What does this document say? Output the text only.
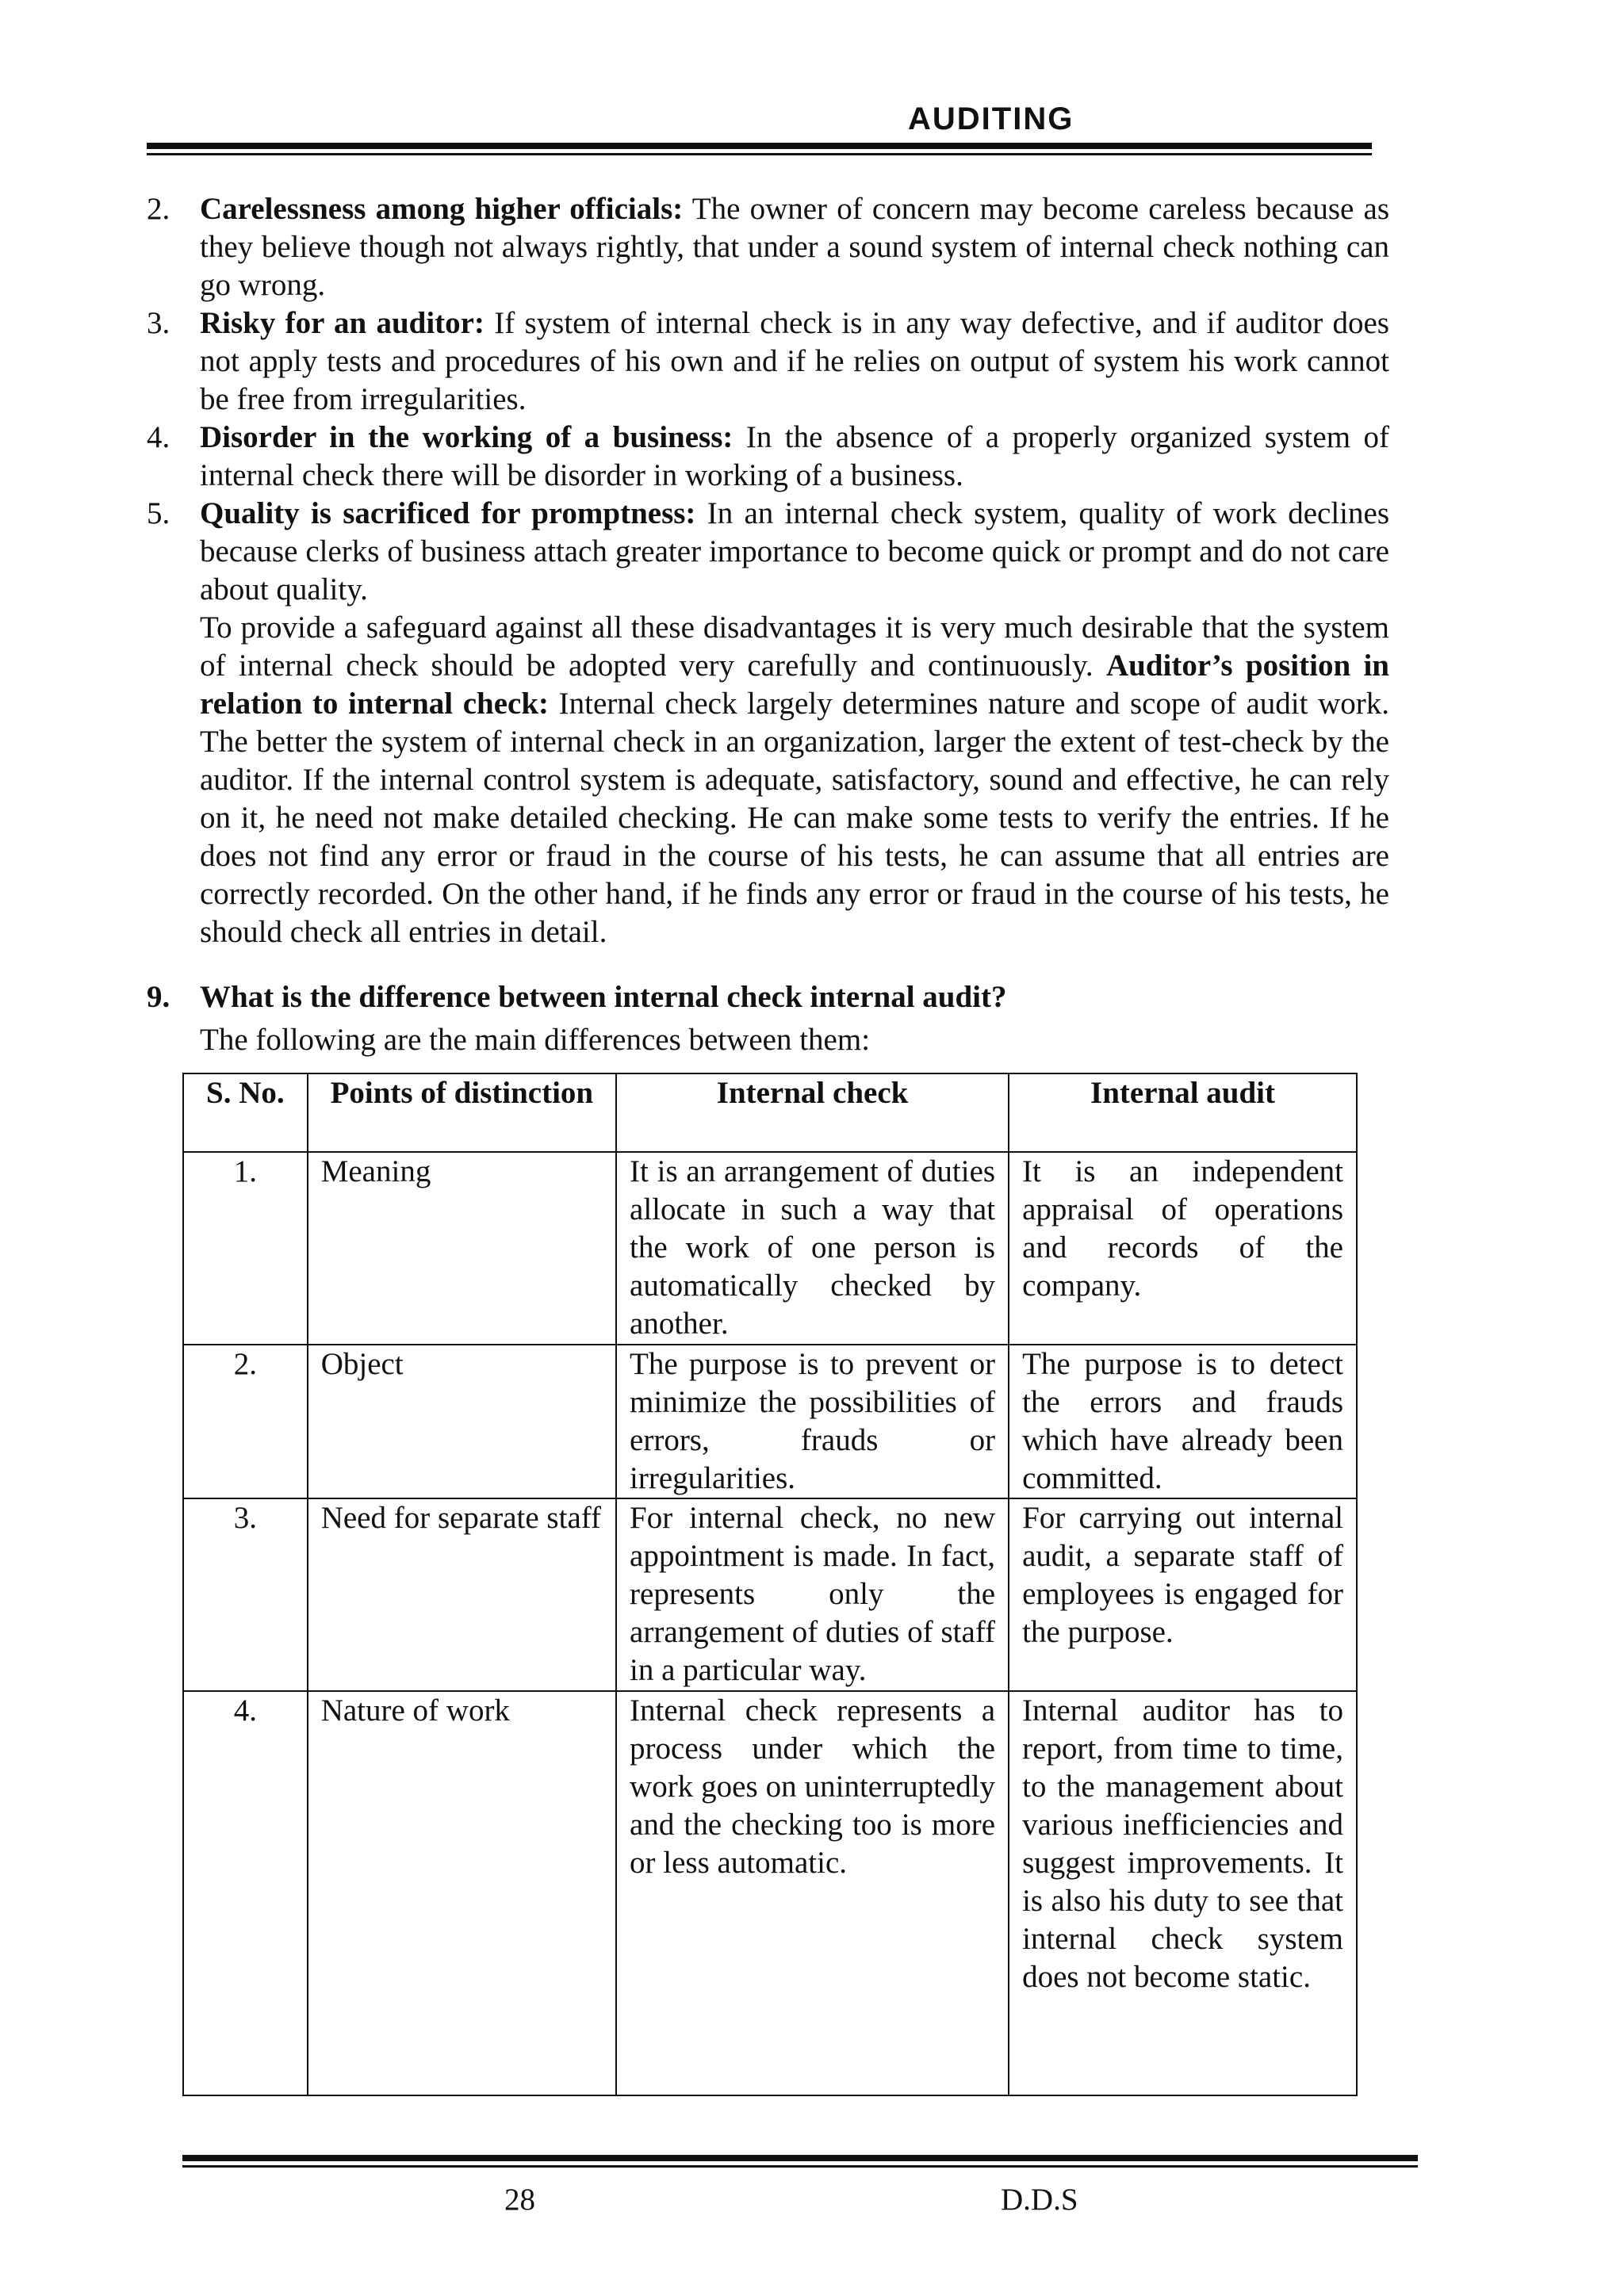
AUDITING
2. Carelessness among higher officials: The owner of concern may become careless because as they believe though not always rightly, that under a sound system of internal check nothing can go wrong.
3. Risky for an auditor: If system of internal check is in any way defective, and if auditor does not apply tests and procedures of his own and if he relies on output of system his work cannot be free from irregularities.
4. Disorder in the working of a business: In the absence of a properly organized system of internal check there will be disorder in working of a business.
5. Quality is sacrificed for promptness: In an internal check system, quality of work declines because clerks of business attach greater importance to become quick or prompt and do not care about quality.
To provide a safeguard against all these disadvantages it is very much desirable that the system of internal check should be adopted very carefully and continuously. Auditor’s position in relation to internal check: Internal check largely determines nature and scope of audit work. The better the system of internal check in an organization, larger the extent of test-check by the auditor. If the internal control system is adequate, satisfactory, sound and effective, he can rely on it, he need not make detailed checking. He can make some tests to verify the entries. If he does not find any error or fraud in the course of his tests, he can assume that all entries are correctly recorded. On the other hand, if he finds any error or fraud in the course of his tests, he should check all entries in detail.
9. What is the difference between internal check internal audit?
The following are the main differences between them:
S. No.	Points of distinction	Internal check	Internal audit
1.	Meaning	It is an arrangement of duties allocate in such a way that the work of one person is automatically checked by another.	It is an independent appraisal of operations and records of the company.
2.	Object	The purpose is to prevent or minimize the possibilities of errors, frauds or irregularities.	The purpose is to detect the errors and frauds which have already been committed.
3.	Need for separate staff	For internal check, no new appointment is made. In fact, represents only the arrangement of duties of staff in a particular way.	For carrying out internal audit, a separate staff of employees is engaged for the purpose.
4.	Nature of work	Internal check represents a process under which the work goes on uninterruptedly and the checking too is more or less automatic.	Internal auditor has to report, from time to time, to the management about various inefficiencies and suggest improvements. It is also his duty to see that internal check system does not become static.
28	D.D.S
